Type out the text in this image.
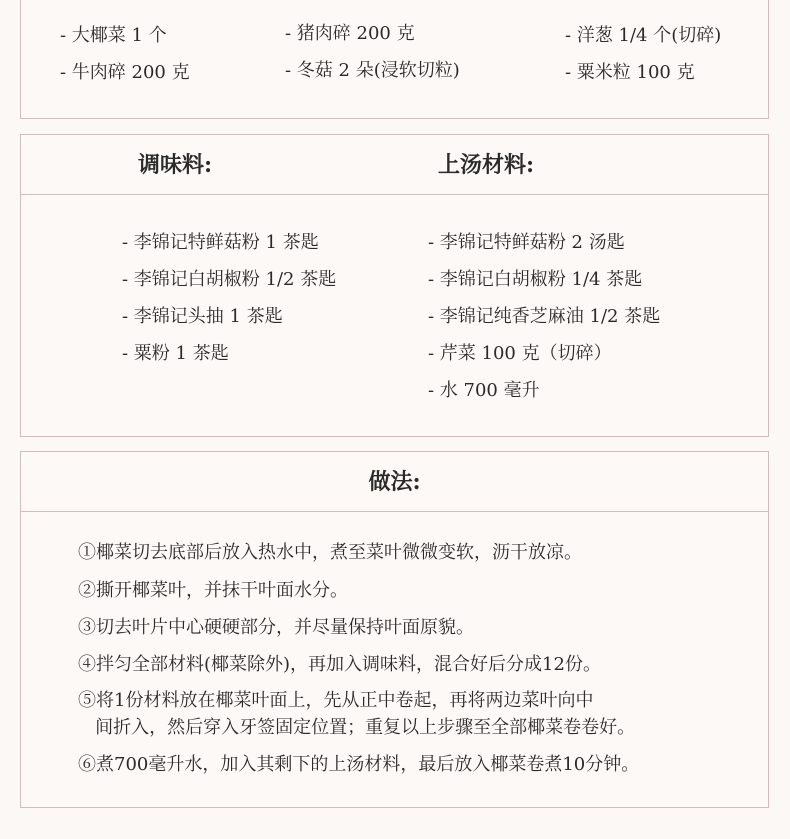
- 大椰菜 1 个
- 牛肉碎 200 克
- 猪肉碎 200 克
- 冬菇 2 朵(浸软切粒)
- 洋葱 1/4 个(切碎)
- 粟米粒 100 克
调味料:	上汤材料:
- 李锦记特鲜菇粉 1 茶匙
- 李锦记白胡椒粉 1/2 茶匙
- 李锦记头抽 1 茶匙
- 粟粉 1 茶匙
- 李锦记特鲜菇粉 2 汤匙
- 李锦记白胡椒粉 1/4 茶匙
- 李锦记纯香芝麻油 1/2 茶匙
- 芹菜 100 克（切碎）
- 水 700 毫升
做法:
①椰菜切去底部后放入热水中，煮至菜叶微微变软，沥干放凉。
②撕开椰菜叶，并抹干叶面水分。
③切去叶片中心硬硬部分，并尽量保持叶面原貌。
④拌匀全部材料(椰菜除外)，再加入调味料，混合好后分成12份。
⑤将1份材料放在椰菜叶面上，先从正中卷起，再将两边菜叶向中
间折入，然后穿入牙签固定位置；重复以上步骤至全部椰菜卷卷好。
⑥煮700毫升水，加入其剩下的上汤材料，最后放入椰菜卷煮10分钟。
